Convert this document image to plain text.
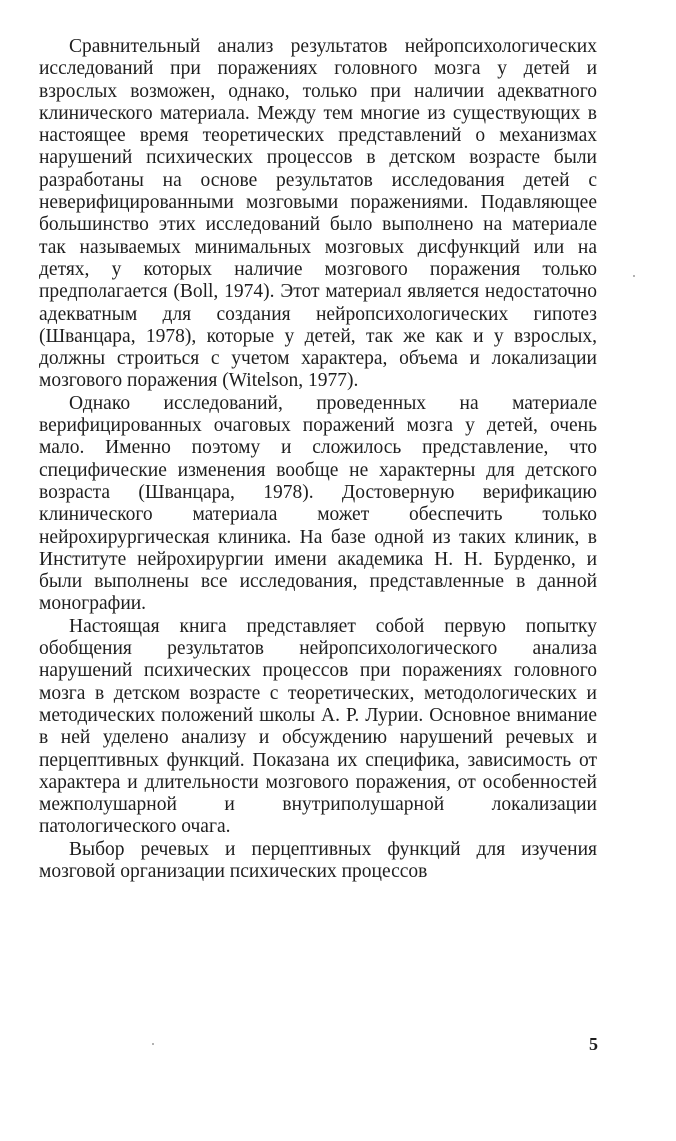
Сравнительный анализ результатов нейропсихологических исследований при поражениях головного мозга у детей и взрослых возможен, однако, только при наличии адекватного клинического материала. Между тем многие из существующих в настоящее время теоретических представлений о механизмах нарушений психических процессов в детском возрасте были разработаны на основе результатов исследования детей с неверифицированными мозговыми поражениями. Подавляющее большинство этих исследований было выполнено на материале так называемых минимальных мозговых дисфункций или на детях, у которых наличие мозгового поражения только предполагается (Boll, 1974). Этот материал является недостаточно адекватным для создания нейропсихологических гипотез (Шванцара, 1978), которые у детей, так же как и у взрослых, должны строиться с учетом характера, объема и локализации мозгового поражения (Witelson, 1977).

Однако исследований, проведенных на материале верифицированных очаговых поражений мозга у детей, очень мало. Именно поэтому и сложилось представление, что специфические изменения вообще не характерны для детского возраста (Шванцара, 1978). Достоверную верификацию клинического материала может обеспечить только нейрохирургическая клиника. На базе одной из таких клиник, в Институте нейрохирургии имени академика Н. Н. Бурденко, и были выполнены все исследования, представленные в данной монографии.

Настоящая книга представляет собой первую попытку обобщения результатов нейропсихологического анализа нарушений психических процессов при поражениях головного мозга в детском возрасте с теоретических, методологических и методических положений школы А. Р. Лурии. Основное внимание в ней уделено анализу и обсуждению нарушений речевых и перцептивных функций. Показана их специфика, зависимость от характера и длительности мозгового поражения, от особенностей межполушарной и внутриполушарной локализации патологического очага.

Выбор речевых и перцептивных функций для изучения мозговой организации психических процессов

5
